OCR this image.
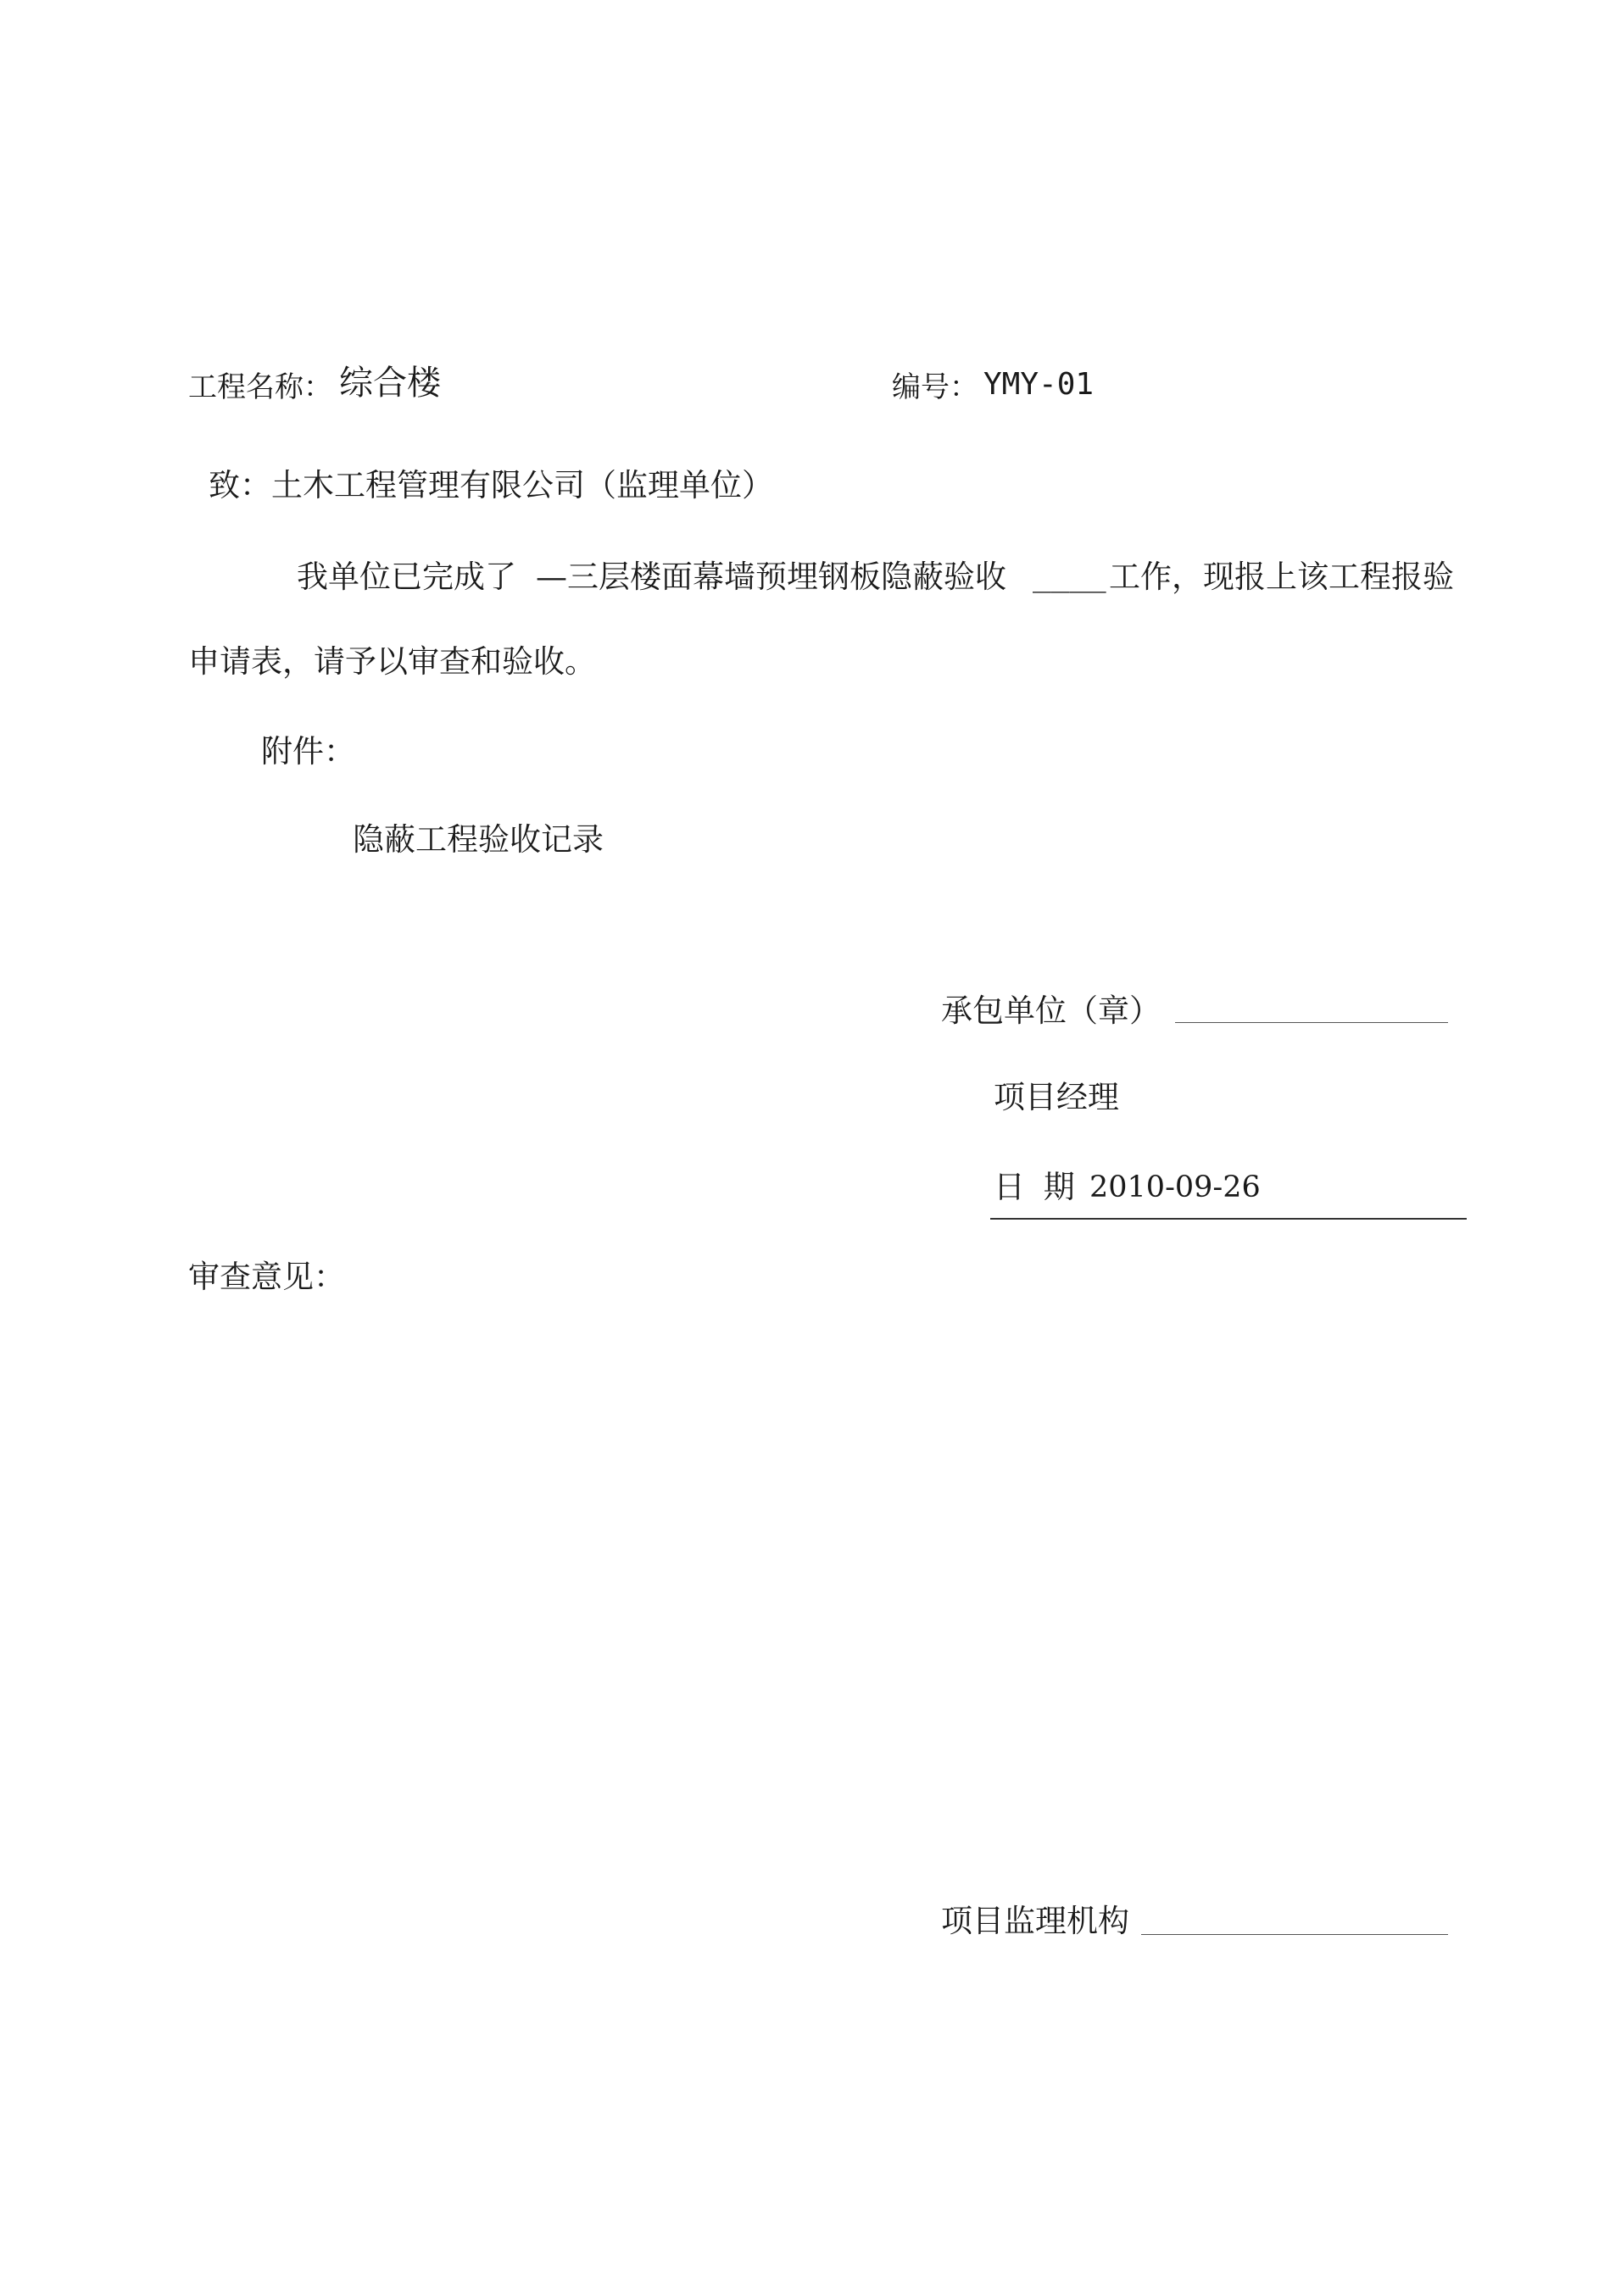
工程名称： 综合楼	编号： YMY-01
致：土木工程管理有限公司（监理单位）
我单位已完成了 —三层楼面幕墙预埋钢板隐蔽验收 ____ 工作，现报上该工程报验
申请表，请予以审查和验收。
附件：
隐蔽工程验收记录
承包单位（章）
项目经理
日 期 2010-09-26
审查意见：
项目监理机构
